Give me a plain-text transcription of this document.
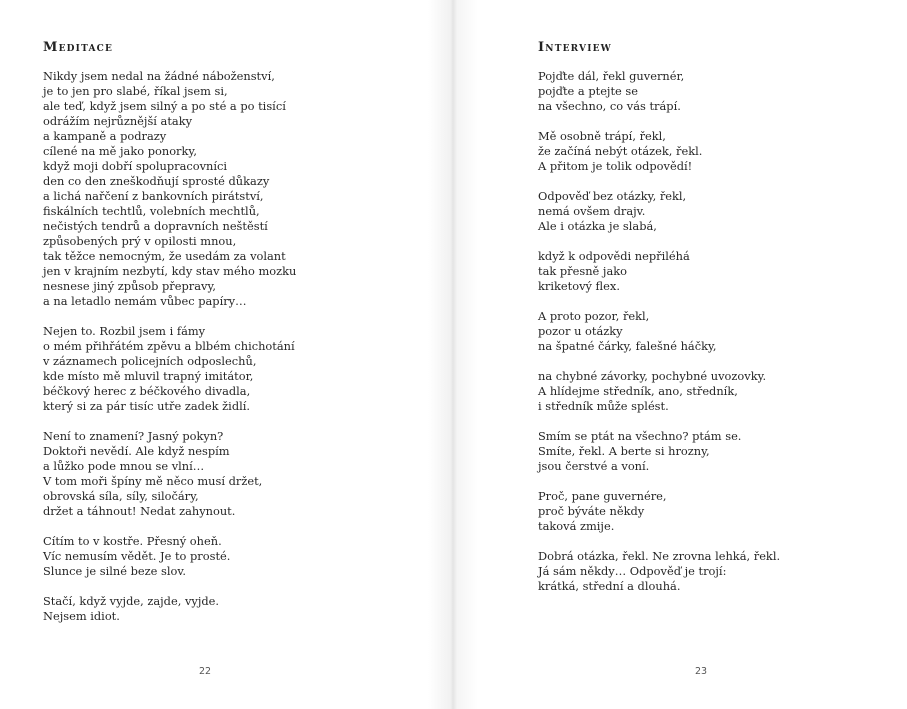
Meditace
Nikdy jsem nedal na žádné náboženství,
je to jen pro slabé, říkal jsem si,
ale teď, když jsem silný a po sté a po tisící
odrážím nejrůznější ataky
a kampaně a podrazy
cílené na mě jako ponorky,
když moji dobří spolupracovníci
den co den zneškodňují sprosté důkazy
a lichá nařčení z bankovních pirátství,
fiskálních techtlů, volebních mechtlů,
nečistých tendrů a dopravních neštěstí
způsobených prý v opilosti mnou,
tak těžce nemocným, že usedám za volant
jen v krajním nezbytí, kdy stav mého mozku
nesnese jiný způsob přepravy,
a na letadlo nemám vůbec papíry…
Nejen to. Rozbil jsem i fámy
o mém přihřátém zpěvu a blbém chichotání
v záznamech policejních odposlechů,
kde místo mě mluvil trapný imitátor,
béčkový herec z béčkového divadla,
který si za pár tisíc utře zadek židlí.
Není to znamení? Jasný pokyn?
Doktoři nevědí. Ale když nespím
a lůžko pode mnou se vlní…
V tom moři špíny mě něco musí držet,
obrovská síla, síly, siločáry,
držet a táhnout! Nedat zahynout.
Cítím to v kostře. Přesný oheň.
Víc nemusím vědět. Je to prosté.
Slunce je silné beze slov.
Stačí, když vyjde, zajde, vyjde.
Nejsem idiot.
22
Interview
Pojďte dál, řekl guvernér,
pojďte a ptejte se
na všechno, co vás trápí.
Mě osobně trápí, řekl,
že začíná nebýt otázek, řekl.
A přitom je tolik odpovědí!
Odpověď bez otázky, řekl,
nemá ovšem drajv.
Ale i otázka je slabá,
když k odpovědi nepřiléhá
tak přesně jako
kriketový flex.
A proto pozor, řekl,
pozor u otázky
na špatné čárky, falešné háčky,
na chybné závorky, pochybné uvozovky.
A hlídejme středník, ano, středník,
i středník může splést.
Smím se ptát na všechno? ptám se.
Smíte, řekl. A berte si hrozny,
jsou čerstvé a voní.
Proč, pane guvernére,
proč býváte někdy
taková zmije.
Dobrá otázka, řekl. Ne zrovna lehká, řekl.
Já sám někdy… Odpověď je trojí:
krátká, střední a dlouhá.
23
